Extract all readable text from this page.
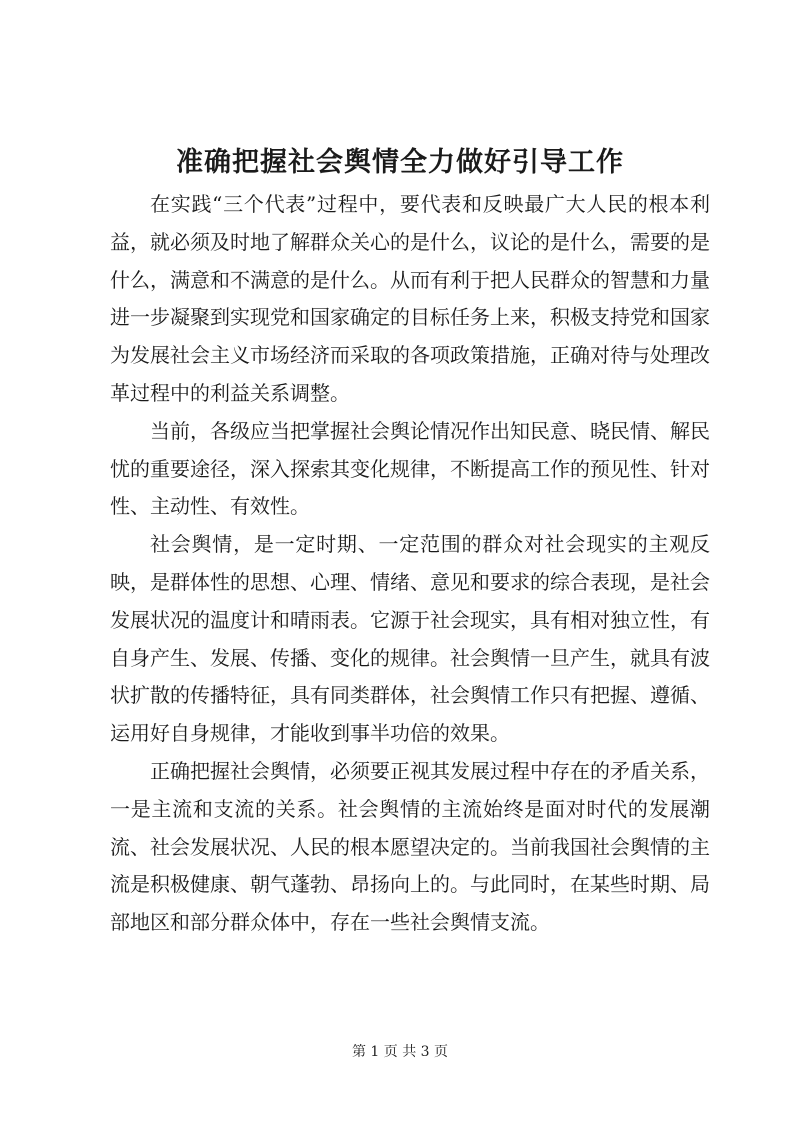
准确把握社会舆情全力做好引导工作

在实践“三个代表”过程中，要代表和反映最广大人民的根本利益，就必须及时地了解群众关心的是什么，议论的是什么，需要的是什么，满意和不满意的是什么。从而有利于把人民群众的智慧和力量进一步凝聚到实现党和国家确定的目标任务上来，积极支持党和国家为发展社会主义市场经济而采取的各项政策措施，正确对待与处理改革过程中的利益关系调整。

当前，各级应当把掌握社会舆论情况作出知民意、晓民情、解民忧的重要途径，深入探索其变化规律，不断提高工作的预见性、针对性、主动性、有效性。

社会舆情，是一定时期、一定范围的群众对社会现实的主观反映，是群体性的思想、心理、情绪、意见和要求的综合表现，是社会发展状况的温度计和晴雨表。它源于社会现实，具有相对独立性，有自身产生、发展、传播、变化的规律。社会舆情一旦产生，就具有波状扩散的传播特征，具有同类群体，社会舆情工作只有把握、遵循、运用好自身规律，才能收到事半功倍的效果。

正确把握社会舆情，必须要正视其发展过程中存在的矛盾关系，一是主流和支流的关系。社会舆情的主流始终是面对时代的发展潮流、社会发展状况、人民的根本愿望决定的。当前我国社会舆情的主流是积极健康、朝气蓬勃、昂扬向上的。与此同时，在某些时期、局部地区和部分群众体中，存在一些社会舆情支流。

第 1 页 共 3 页
